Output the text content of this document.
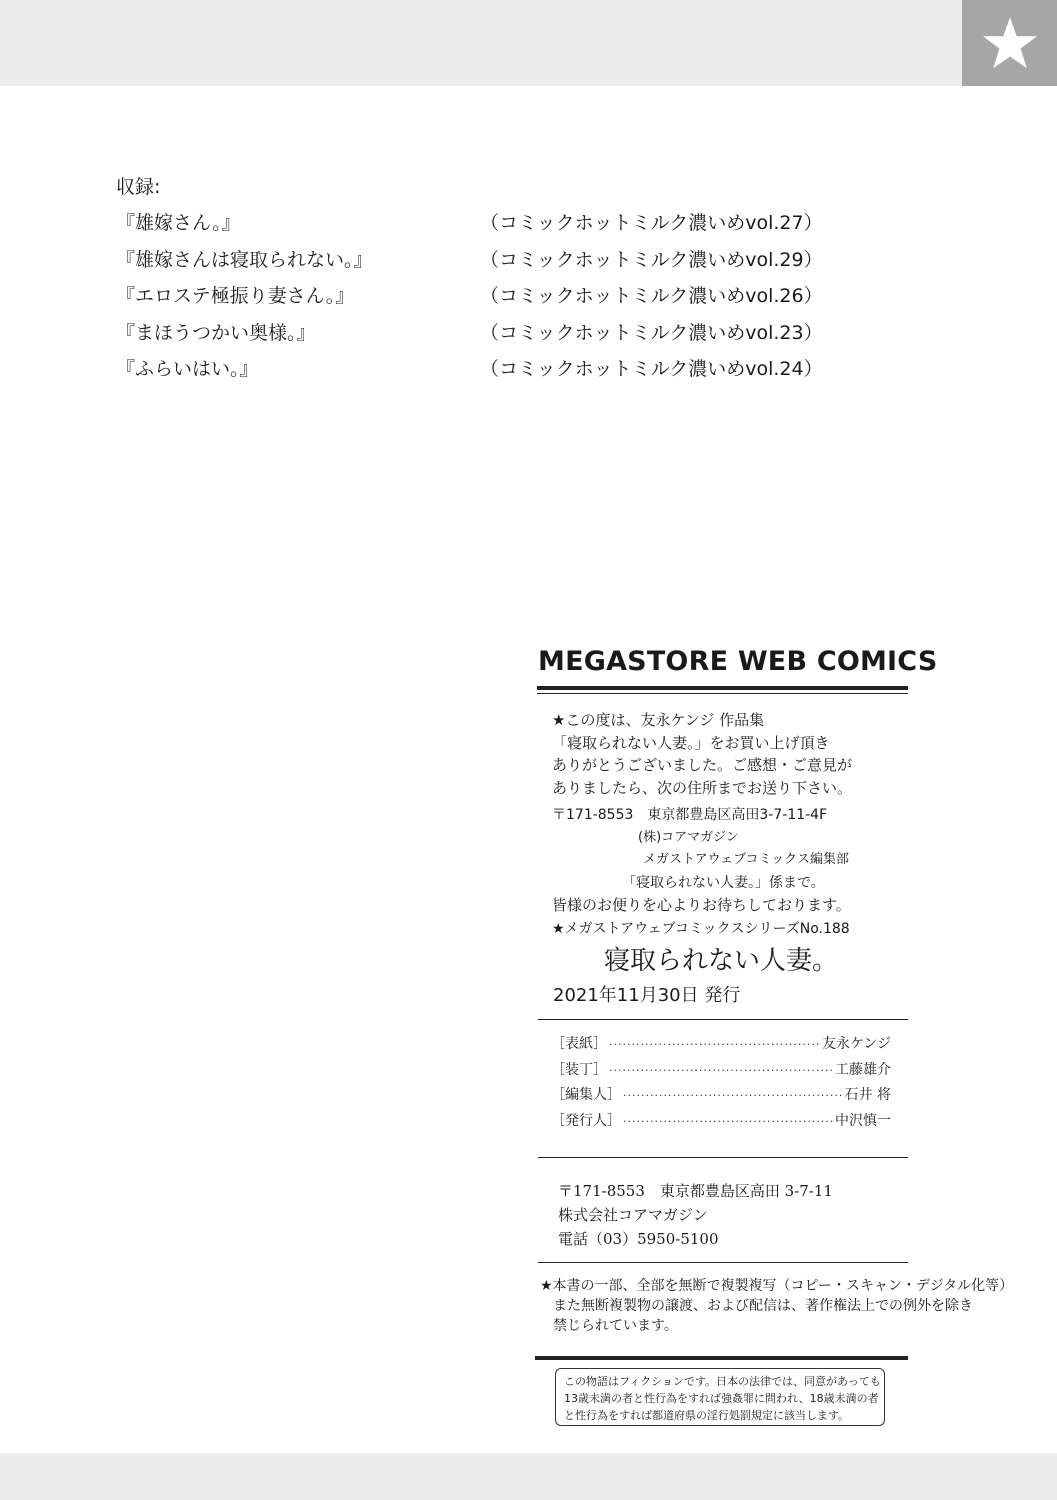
収録:
『雄嫁さん。』	（コミックホットミルク濃いめvol.27）
『雄嫁さんは寝取られない。』	（コミックホットミルク濃いめvol.29）
『エロステ極振り妻さん。』	（コミックホットミルク濃いめvol.26）
『まほうつかい奥様。』	（コミックホットミルク濃いめvol.23）
『ふらいはい。』	（コミックホットミルク濃いめvol.24）
MEGASTORE WEB COMICS
★この度は、友永ケンジ 作品集
「寝取られない人妻。」をお買い上げ頂き
ありがとうございました。ご感想・ご意見が
ありましたら、次の住所までお送り下さい。
〒171-8553　東京都豊島区高田3-7-11-4F
(株)コアマガジン
メガストアウェブコミックス編集部
「寝取られない人妻。」係まで。
皆様のお便りを心よりお待ちしております。
★メガストアウェブコミックスシリーズNo.188
寝取られない人妻。
2021年11月30日 発行
［表紙］ ·····	友永ケンジ
［装丁］ ·····	工藤雄介
［編集人］ ·····	石井 将
［発行人］ ·····	中沢慎一
〒171-8553　東京都豊島区高田 3-7-11
株式会社コアマガジン
電話（03）5950-5100
★本書の一部、全部を無断で複製複写（コピー・スキャン・デジタル化等）
また無断複製物の譲渡、および配信は、著作権法上での例外を除き
禁じられています。
この物語はフィクションです。日本の法律では、同意があっても
13歳未満の者と性行為をすれば強姦罪に問われ、18歳未満の者
と性行為をすれば都道府県の淫行処罰規定に該当します。
